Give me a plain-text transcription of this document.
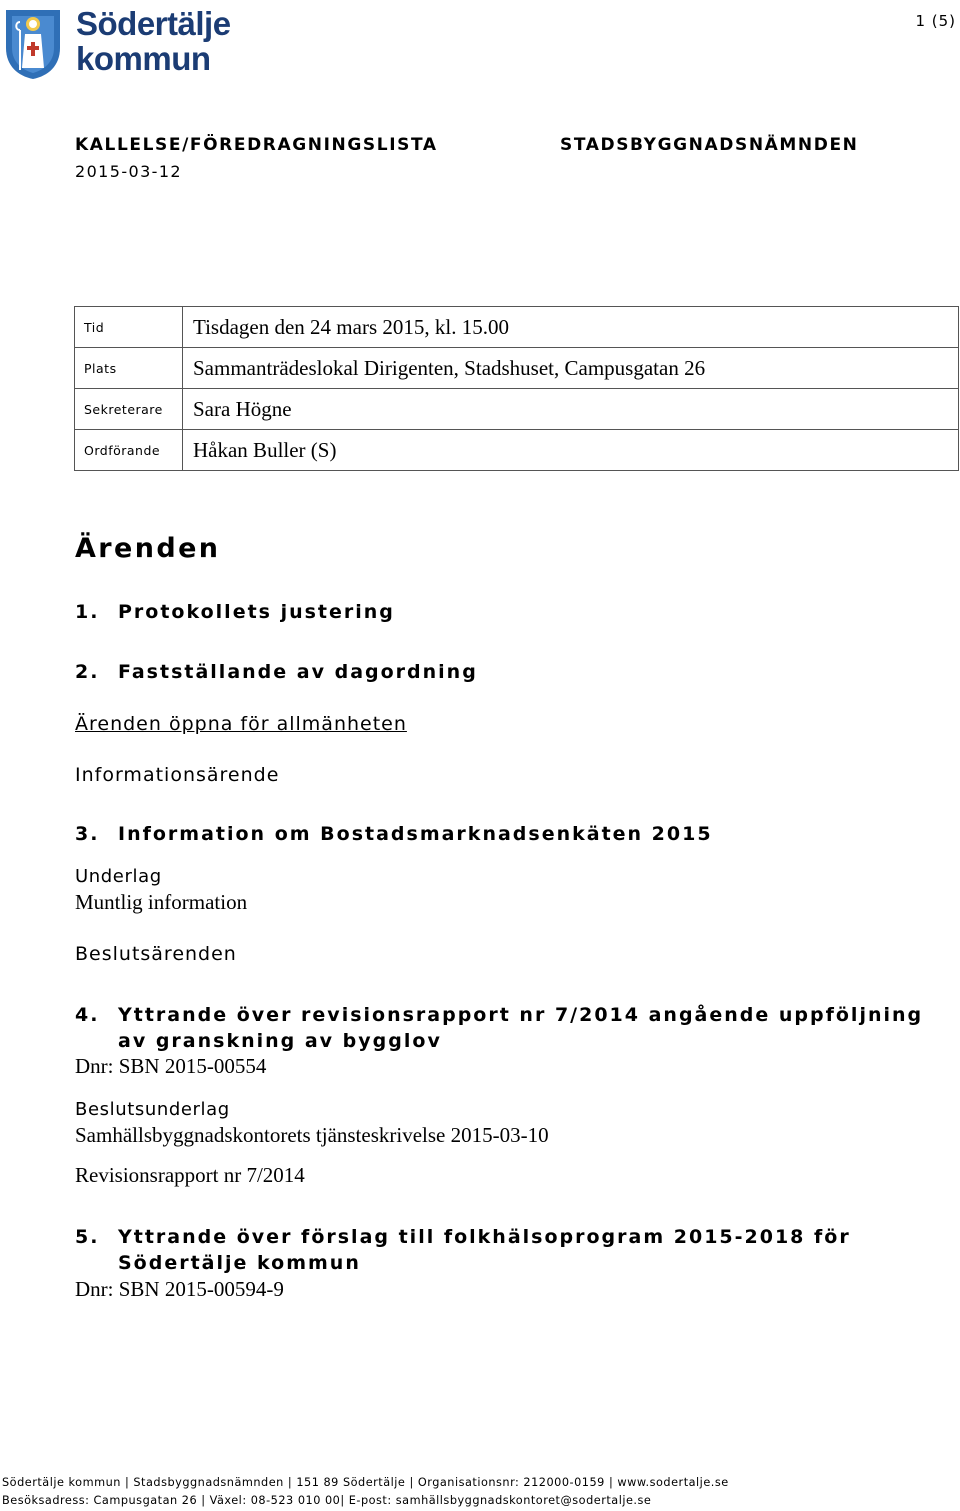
Södertälje
kommun
1 (5)
KALLELSE/FÖREDRAGNINGSLISTA
2015-03-12
STADSBYGGNADSNÄMNDEN
Tid	Tisdagen den 24 mars 2015, kl. 15.00
Plats	Sammanträdeslokal Dirigenten, Stadshuset, Campusgatan 26
Sekreterare	Sara Högne
Ordförande	Håkan Buller (S)
Ärenden
1. Protokollets justering
2. Fastställande av dagordning
Ärenden öppna för allmänheten
Informationsärende
3. Information om Bostadsmarknadsenkäten 2015
Underlag
Muntlig information
Beslutsärenden
4. Yttrande över revisionsrapport nr 7/2014 angående uppföljning av granskning av bygglov
Dnr: SBN 2015-00554
Beslutsunderlag
Samhällsbyggnadskontorets tjänsteskrivelse 2015-03-10
Revisionsrapport nr 7/2014
5. Yttrande över förslag till folkhälsoprogram 2015-2018 för Södertälje kommun
Dnr: SBN 2015-00594-9
Södertälje kommun | Stadsbyggnadsnämnden | 151 89 Södertälje | Organisationsnr: 212000-0159 | www.sodertalje.se
Besöksadress: Campusgatan 26 | Växel: 08-523 010 00| E-post: samhällsbyggnadskontoret@sodertalje.se
